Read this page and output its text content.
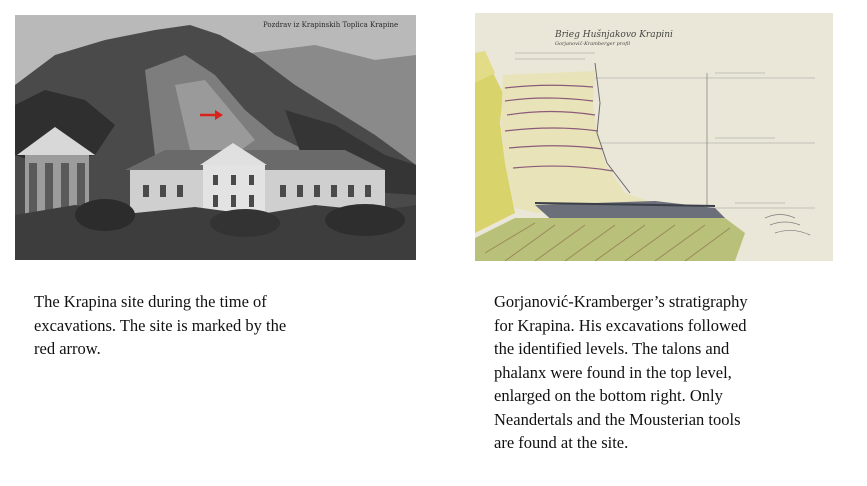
Pozdrav iz Krapinskih Toplica Krapine
Brieg Hušnjakovo Krapini
Gorjanović-Kramberger profil
The Krapina site during the time of
excavations. The site is marked by the
red arrow.
Gorjanović-Kramberger’s stratigraphy
for Krapina. His excavations followed
the identified levels. The talons and
phalanx were found in the top level,
enlarged on the bottom right. Only
Neandertals and the Mousterian tools
are found at the site.
